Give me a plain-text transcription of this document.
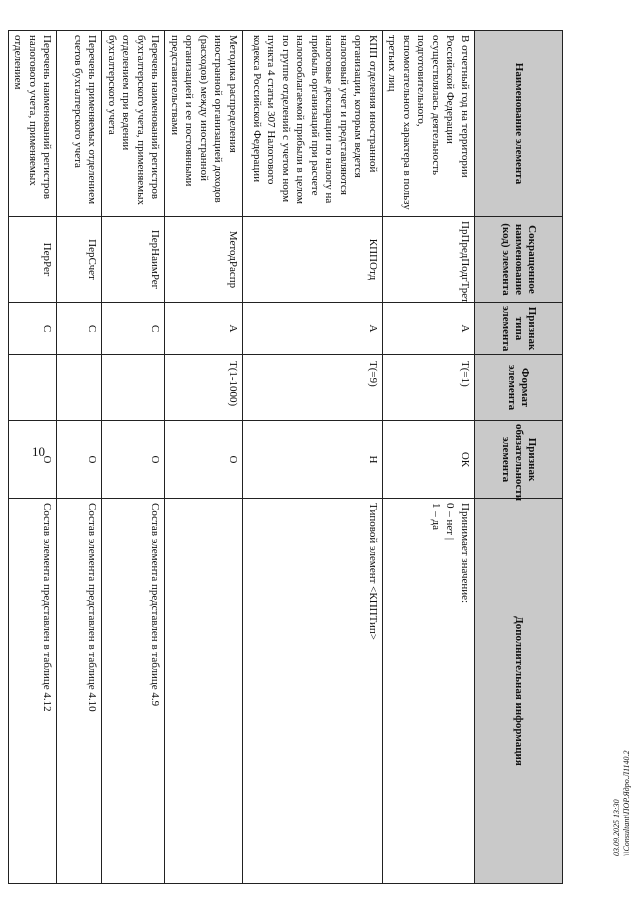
10
Наименование элемента	Сокращенное наименование (код) элемента	Признак типа элемента	Формат элемента	Признак обязательности элемента	Дополнительная информация
В отчетный год на территории Российской Федерации осуществлялась деятельность подготовительного, вспомогательного характера в пользу третьих лиц	ПрПредПодгТрет	А	T(=1)	ОК	Принимает значение:
0 – нет |
1 – да
КПП отделения иностранной организации, которым ведется налоговый учет и представляются налоговые декларации по налогу на прибыль организаций при расчете налогооблагаемой прибыли в целом по группе отделений с учетом норм пункта 4 статьи 307 Налогового кодекса Российской Федерации	КППОтд	А	T(=9)	Н	Типовой элемент <КППТип>
Методика распределения иностранной организацией доходов (расходов) между иностранной организацией и ее постоянными представительствами	МетодРаспр	А	T(1-1000)	О	
Перечень наименований регистров бухгалтерского учета, применяемых отделением при ведении бухгалтерского учета	ПерНаимРег	С		О	Состав элемента представлен в таблице 4.9
Перечень применяемых отделением счетов бухгалтерского учета	ПерСчет	С		О	Состав элемента представлен в таблице 4.10
Перечень наименований регистров налогового учета, применяемых отделением	ПерРег	С		О	Состав элемента представлен в таблице 4.12
03.09.2025 13:30 \\Consultant\ПОР.Ядро.Л1140.2
